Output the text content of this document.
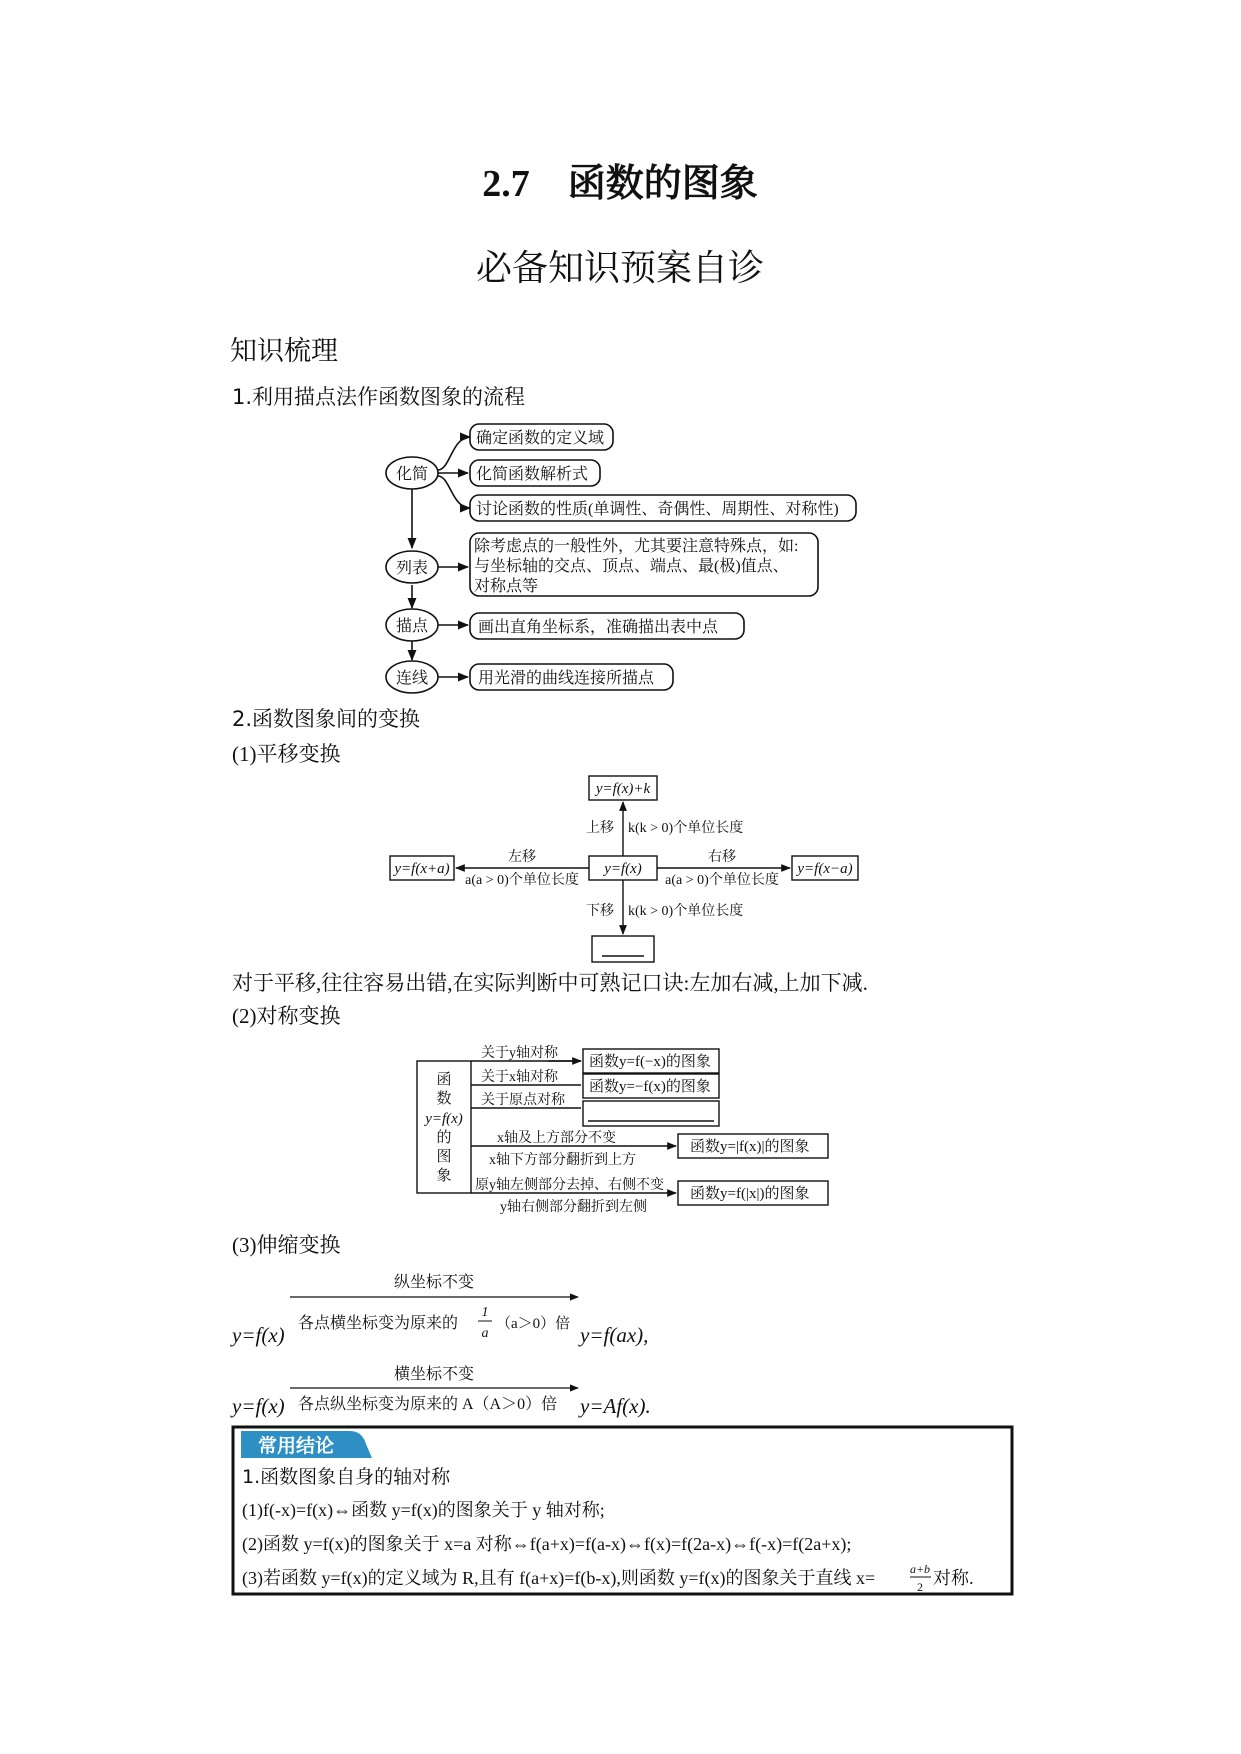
2.7　函数的图象
必备知识预案自诊
知识梳理
1.利用描点法作函数图象的流程
化简
列表
描点
连线
确定函数的定义域
化简函数解析式
讨论函数的性质(单调性、奇偶性、周期性、对称性)
除考虑点的一般性外，尤其要注意特殊点，如:
与坐标轴的交点、顶点、端点、最(极)值点、
对称点等
画出直角坐标系，准确描出表中点
用光滑的曲线连接所描点
2.函数图象间的变换
(1)平移变换
y=f(x)+k
y=f(x)
y=f(x+a)	y=f(x−a)
上移 k(k > 0)个单位长度
下移 k(k > 0)个单位长度
左移
a(a > 0)个单位长度
右移
a(a > 0)个单位长度
对于平移,往往容易出错,在实际判断中可熟记口诀:左加右减,上加下减.
(2)对称变换
函
数
y=f(x)
的
图
象
关于y轴对称
关于x轴对称
关于原点对称
x轴及上方部分不变
x轴下方部分翻折到上方
原y轴左侧部分去掉、右侧不变
y轴右侧部分翻折到左侧
函数y=f(−x)的图象
函数y=−f(x)的图象
函数y=|f(x)|的图象
函数y=f(|x|)的图象
(3)伸缩变换
纵坐标不变
各点横坐标变为原来的
1
a
（a＞0）倍
y=f(x)	y=f(ax),
横坐标不变
各点纵坐标变为原来的 A（A＞0）倍
y=f(x)	y=Af(x).
常用结论
1.函数图象自身的轴对称
(1)f(-x)=f(x)⇔函数 y=f(x)的图象关于 y 轴对称;
(2)函数 y=f(x)的图象关于 x=a 对称⇔f(a+x)=f(a-x)⇔f(x)=f(2a-x)⇔f(-x)=f(2a+x);
(3)若函数 y=f(x)的定义域为 R,且有 f(a+x)=f(b-x),则函数 y=f(x)的图象关于直线 x=	a+b
2 对称.
